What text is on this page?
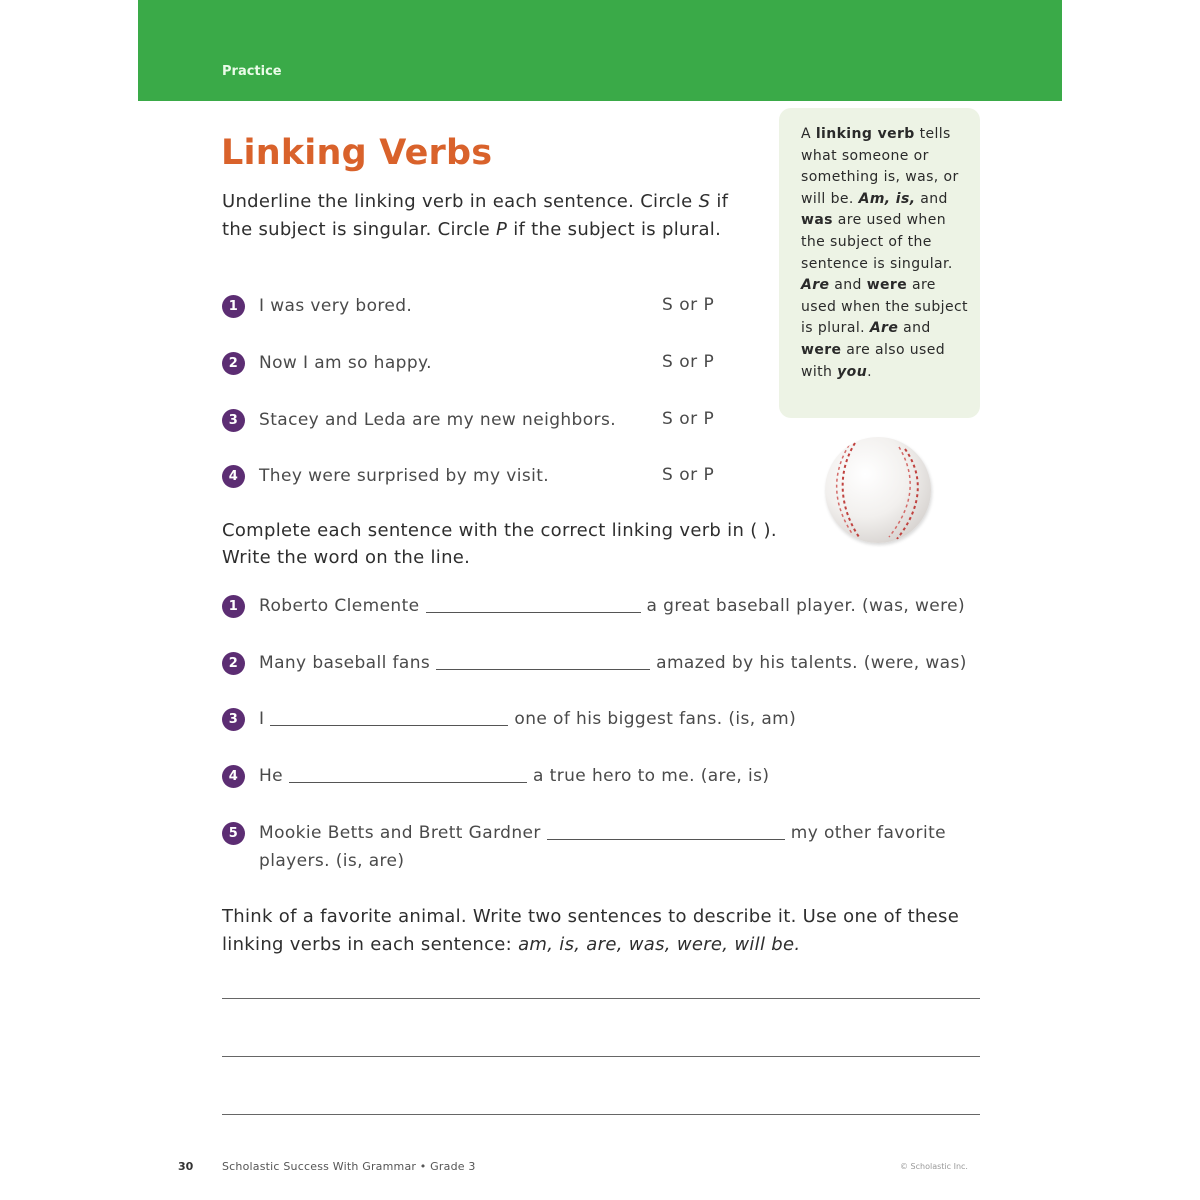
Practice
Linking Verbs
Underline the linking verb in each sentence. Circle S if the subject is singular. Circle P if the subject is plural.
A linking verb tells what someone or something is, was, or will be. Am, is, and was are used when the subject of the sentence is singular. Are and were are used when the subject is plural. Are and were are also used with you.
1	I was very bored.	S or P
2	Now I am so happy.	S or P
3	Stacey and Leda are my new neighbors.	S or P
4	They were surprised by my visit.	S or P
Complete each sentence with the correct linking verb in ( ).
Write the word on the line.
1	Roberto Clemente	a great baseball player. (was, were)
2	Many baseball fans	amazed by his talents. (were, was)
3	I	one of his biggest fans. (is, am)
4	He	a true hero to me. (are, is)
5	Mookie Betts and Brett Gardner	my other favorite
players. (is, are)
Think of a favorite animal. Write two sentences to describe it. Use one of these linking verbs in each sentence: am, is, are, was, were, will be.
30	Scholastic Success With Grammar • Grade 3	© Scholastic Inc.
